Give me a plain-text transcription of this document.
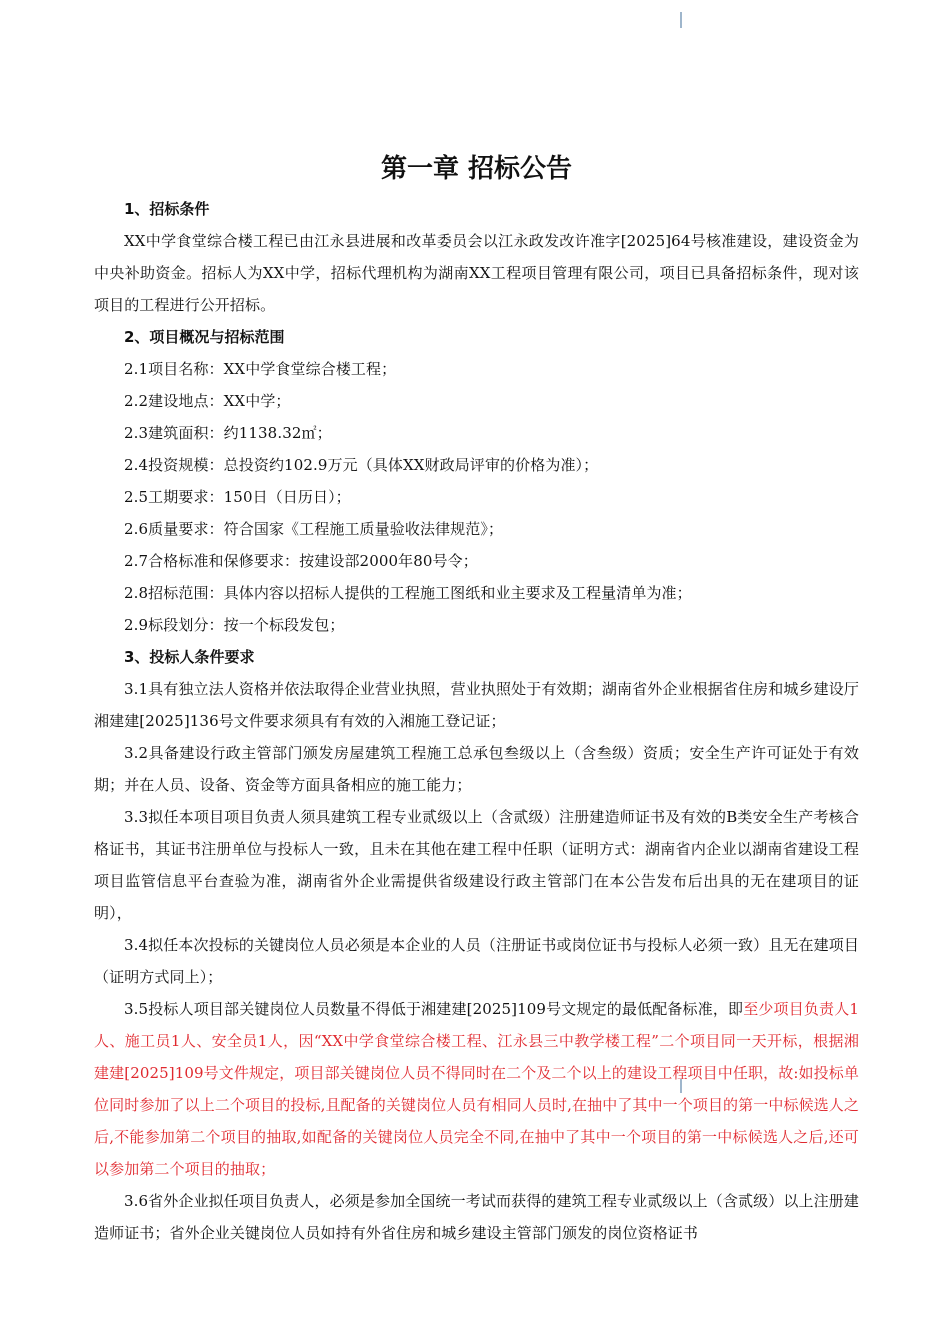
第一章 招标公告

1、招标条件

XX中学食堂综合楼工程已由江永县进展和改革委员会以江永政发改许准字[2025]64号核准建设，建设资金为中央补助资金。招标人为XX中学，招标代理机构为湖南XX工程项目管理有限公司，项目已具备招标条件，现对该项目的工程进行公开招标。

2、项目概况与招标范围

2.1项目名称：XX中学食堂综合楼工程；

2.2建设地点：XX中学；

2.3建筑面积：约1138.32㎡；

2.4投资规模：总投资约102.9万元（具体XX财政局评审的价格为准）；

2.5工期要求：150日（日历日）；

2.6质量要求：符合国家《工程施工质量验收法律规范》；

2.7合格标准和保修要求：按建设部2000年80号令；

2.8招标范围：具体内容以招标人提供的工程施工图纸和业主要求及工程量清单为准；

2.9标段划分：按一个标段发包；

3、投标人条件要求

3.1具有独立法人资格并依法取得企业营业执照，营业执照处于有效期；湖南省外企业根据省住房和城乡建设厅湘建建[2025]136号文件要求须具有有效的入湘施工登记证；

3.2具备建设行政主管部门颁发房屋建筑工程施工总承包叁级以上（含叁级）资质；安全生产许可证处于有效期；并在人员、设备、资金等方面具备相应的施工能力；

3.3拟任本项目项目负责人须具建筑工程专业贰级以上（含贰级）注册建造师证书及有效的B类安全生产考核合格证书，其证书注册单位与投标人一致，且未在其他在建工程中任职（证明方式：湖南省内企业以湖南省建设工程项目监管信息平台查验为准，湖南省外企业需提供省级建设行政主管部门在本公告发布后出具的无在建项目的证明），

3.4拟任本次投标的关键岗位人员必须是本企业的人员（注册证书或岗位证书与投标人必须一致）且无在建项目（证明方式同上）；

3.5投标人项目部关键岗位人员数量不得低于湘建建[2025]109号文规定的最低配备标准，即至少项目负责人1人、施工员1人、安全员1人，因“XX中学食堂综合楼工程、江永县三中教学楼工程”二个项目同一天开标，根据湘建建[2025]109号文件规定，项目部关键岗位人员不得同时在二个及二个以上的建设工程项目中任职，故:如投标单位同时参加了以上二个项目的投标,且配备的关键岗位人员有相同人员时,在抽中了其中一个项目的第一中标候选人之后,不能参加第二个项目的抽取,如配备的关键岗位人员完全不同,在抽中了其中一个项目的第一中标候选人之后,还可以参加第二个项目的抽取；

3.6省外企业拟任项目负责人，必须是参加全国统一考试而获得的建筑工程专业贰级以上（含贰级）以上注册建造师证书；省外企业关键岗位人员如持有外省住房和城乡建设主管部门颁发的岗位资格证书
